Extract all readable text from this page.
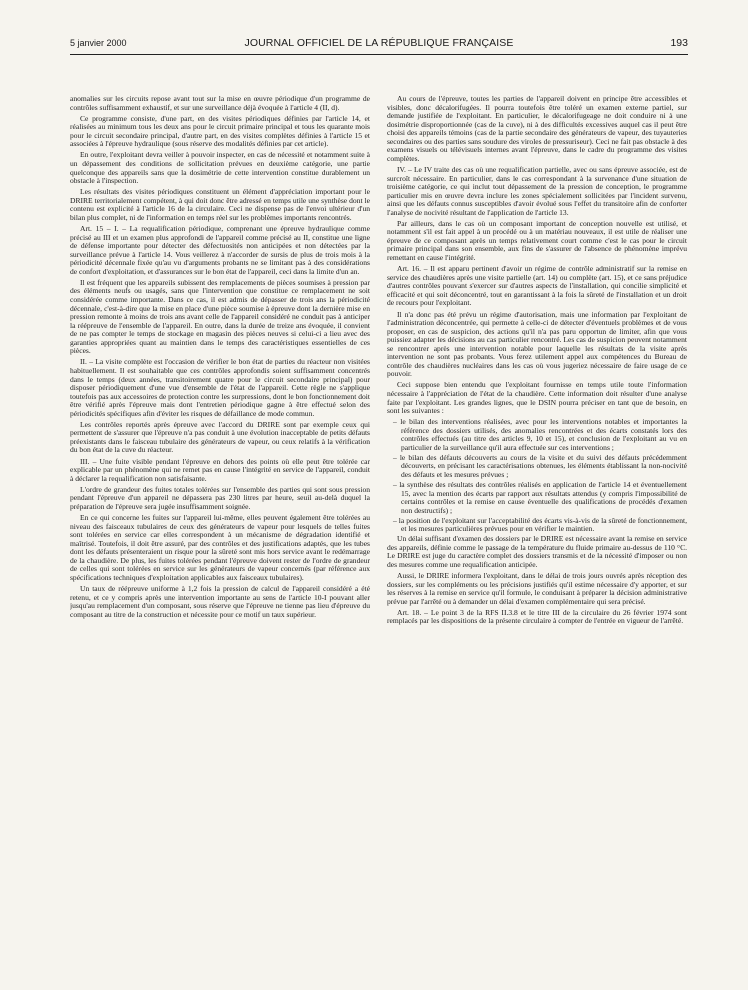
5 janvier 2000	JOURNAL OFFICIEL DE LA RÉPUBLIQUE FRANÇAISE	193

anomalies sur les circuits repose avant tout sur la mise en œuvre périodique d'un programme de contrôles suffisamment exhaustif, et sur une surveillance déjà évoquée à l'article 4 (II, d).

Ce programme consiste, d'une part, en des visites périodiques définies par l'article 14, et réalisées au minimum tous les deux ans pour le circuit primaire principal et tous les quarante mois pour le circuit secondaire principal, d'autre part, en des visites complètes définies à l'article 15 et associées à l'épreuve hydraulique (sous réserve des modalités définies par cet article).

En outre, l'exploitant devra veiller à pouvoir inspecter, en cas de nécessité et notamment suite à un dépassement des conditions de sollicitation prévues en deuxième catégorie, une partie quelconque des appareils sans que la dosimétrie de cette intervention constitue durablement un obstacle à l'inspection.

Les résultats des visites périodiques constituent un élément d'appréciation important pour le DRIRE territorialement compétent, à qui doit donc être adressé en temps utile une synthèse dont le contenu est explicité à l'article 16 de la circulaire. Ceci ne dispense pas de l'envoi ultérieur d'un bilan plus complet, ni de l'information en temps réel sur les problèmes importants rencontrés.

Art. 15 – I. – La requalification périodique, comprenant une épreuve hydraulique comme précisé au III et un examen plus approfondi de l'appareil comme précisé au II, constitue une ligne de défense importante pour détecter des défectuosités non anticipées et non détectées par la surveillance prévue à l'article 14. Vous veillerez à n'accorder de sursis de plus de trois mois à la périodicité décennale fixée qu'au vu d'arguments probants ne se limitant pas à des considérations de confort d'exploitation, et d'assurances sur le bon état de l'appareil, ceci dans la limite d'un an.

Il est fréquent que les appareils subissent des remplacements de pièces soumises à pression par des éléments neufs ou usagés, sans que l'intervention que constitue ce remplacement ne soit considérée comme importante. Dans ce cas, il est admis de dépasser de trois ans la périodicité décennale, c'est-à-dire que la mise en place d'une pièce soumise à épreuve dont la dernière mise en pression remonte à moins de trois ans avant celle de l'appareil considéré ne conduit pas à anticiper la réépreuve de l'ensemble de l'appareil. En outre, dans la durée de treize ans évoquée, il convient de ne pas compter le temps de stockage en magasin des pièces neuves si celui-ci a lieu avec des garanties appropriées quant au maintien dans le temps des caractéristiques essentielles de ces pièces.

II. – La visite complète est l'occasion de vérifier le bon état de parties du réacteur non visitées habituellement. Il est souhaitable que ces contrôles approfondis soient suffisamment concentrés dans le temps (deux années, transitoirement quatre pour le circuit secondaire principal) pour disposer périodiquement d'une vue d'ensemble de l'état de l'appareil. Cette règle ne s'applique toutefois pas aux accessoires de protection contre les surpressions, dont le bon fonctionnement doit être vérifié après l'épreuve mais dont l'entretien périodique gagne à être effectué selon des périodicités spécifiques afin d'éviter les risques de défaillance de mode commun.

Les contrôles reportés après épreuve avec l'accord du DRIRE sont par exemple ceux qui permettent de s'assurer que l'épreuve n'a pas conduit à une évolution inacceptable de petits défauts préexistants dans le faisceau tubulaire des générateurs de vapeur, ou ceux relatifs à la vérification du bon état de la cuve du réacteur.

III. – Une fuite visible pendant l'épreuve en dehors des points où elle peut être tolérée car explicable par un phénomène qui ne remet pas en cause l'intégrité en service de l'appareil, conduit à déclarer la requalification non satisfaisante.

L'ordre de grandeur des fuites totales tolérées sur l'ensemble des parties qui sont sous pression pendant l'épreuve d'un appareil ne dépassera pas 230 litres par heure, seuil au-delà duquel la préparation de l'épreuve sera jugée insuffisamment soignée.

En ce qui concerne les fuites sur l'appareil lui-même, elles peuvent également être tolérées au niveau des faisceaux tubulaires de ceux des générateurs de vapeur pour lesquels de telles fuites sont tolérées en service car elles correspondent à un mécanisme de dégradation identifié et maîtrisé. Toutefois, il doit être assuré, par des contrôles et des justifications adaptés, que les tubes dont les défauts présenteraient un risque pour la sûreté sont mis hors service avant le redémarrage de la chaudière. De plus, les fuites tolérées pendant l'épreuve doivent rester de l'ordre de grandeur de celles qui sont tolérées en service sur les générateurs de vapeur concernés (par référence aux spécifications techniques d'exploitation applicables aux faisceaux tubulaires).

Un taux de réépreuve uniforme à 1,2 fois la pression de calcul de l'appareil considéré a été retenu, et ce y compris après une intervention importante au sens de l'article 10-I pouvant aller jusqu'au remplacement d'un composant, sous réserve que l'épreuve ne tienne pas lieu d'épreuve du composant au titre de la construction et nécessite pour ce motif un taux supérieur.

Au cours de l'épreuve, toutes les parties de l'appareil doivent en principe être accessibles et visibles, donc décalorifugées. Il pourra toutefois être toléré un examen externe partiel, sur demande justifiée de l'exploitant. En particulier, le décalorifugeage ne doit conduire ni à une dosimétrie disproportionnée (cas de la cuve), ni à des difficultés excessives auquel cas il peut être choisi des appareils témoins (cas de la partie secondaire des générateurs de vapeur, des tuyauteries secondaires ou des parties sans soudure des viroles de pressuriseur). Ceci ne fait pas obstacle à des examens visuels ou télévisuels internes avant l'épreuve, dans le cadre du programme des visites complètes.

IV. – Le IV traite des cas où une requalification partielle, avec ou sans épreuve associée, est de surcroît nécessaire. En particulier, dans le cas correspondant à la survenance d'une situation de troisième catégorie, ce qui inclut tout dépassement de la pression de conception, le programme particulier mis en œuvre devra inclure les zones spécialement sollicitées par l'incident survenu, ainsi que les défauts connus susceptibles d'avoir évolué sous l'effet du transitoire afin de conforter l'analyse de nocivité résultant de l'application de l'article 13.

Par ailleurs, dans le cas où un composant important de conception nouvelle est utilisé, et notamment s'il est fait appel à un procédé ou à un matériau nouveaux, il est utile de réaliser une épreuve de ce composant après un temps relativement court comme c'est le cas pour le circuit primaire principal dans son ensemble, aux fins de s'assurer de l'absence de phénomène imprévu remettant en cause l'intégrité.

Art. 16. – Il est apparu pertinent d'avoir un régime de contrôle administratif sur la remise en service des chaudières après une visite partielle (art. 14) ou complète (art. 15), et ce sans préjudice d'autres contrôles pouvant s'exercer sur d'autres aspects de l'installation, qui concilie simplicité et efficacité et qui soit déconcentré, tout en garantissant à la fois la sûreté de l'installation et un droit de recours pour l'exploitant.

Il n'a donc pas été prévu un régime d'autorisation, mais une information par l'exploitant de l'administration déconcentrée, qui permette à celle-ci de détecter d'éventuels problèmes et de vous proposer, en cas de suspicion, des actions qu'il n'a pas paru opportun de limiter, afin que vous puissiez adapter les décisions au cas particulier rencontré. Les cas de suspicion peuvent notamment se rencontrer après une intervention notable pour laquelle les résultats de la visite après intervention ne sont pas probants. Vous ferez utilement appel aux compétences du Bureau de contrôle des chaudières nucléaires dans les cas où vous jugeriez nécessaire de faire usage de ce pouvoir.

Ceci suppose bien entendu que l'exploitant fournisse en temps utile toute l'information nécessaire à l'appréciation de l'état de la chaudière. Cette information doit résulter d'une analyse faite par l'exploitant. Les grandes lignes, que le DSIN pourra préciser en tant que de besoin, en sont les suivantes :

– le bilan des interventions réalisées, avec pour les interventions notables et importantes la référence des dossiers utilisés, des anomalies rencontrées et des écarts constatés lors des contrôles effectués (au titre des articles 9, 10 et 15), et conclusion de l'exploitant au vu en particulier de la surveillance qu'il aura effectuée sur ces interventions ;

– le bilan des défauts découverts au cours de la visite et du suivi des défauts précédemment découverts, en précisant les caractérisations obtenues, les éléments établissant la non-nocivité des défauts et les mesures prévues ;

– la synthèse des résultats des contrôles réalisés en application de l'article 14 et éventuellement 15, avec la mention des écarts par rapport aux résultats attendus (y compris l'impossibilité de certains contrôles et la remise en cause éventuelle des qualifications de procédés d'examen non destructifs) ;

– la position de l'exploitant sur l'acceptabilité des écarts vis-à-vis de la sûreté de fonctionnement, et les mesures particulières prévues pour en vérifier le maintien.

Un délai suffisant d'examen des dossiers par le DRIRE est nécessaire avant la remise en service des appareils, définie comme le passage de la température du fluide primaire au-dessus de 110 °C. Le DRIRE est juge du caractère complet des dossiers transmis et de la nécessité d'imposer ou non des mesures comme une requalification anticipée.

Aussi, le DRIRE informera l'exploitant, dans le délai de trois jours ouvrés après réception des dossiers, sur les compléments ou les précisions justifiés qu'il estime nécessaire d'y apporter, et sur les réserves à la remise en service qu'il formule, le conduisant à préparer la décision administrative prévue par l'arrêté ou à demander un délai d'examen complémentaire qui sera précisé.

Art. 18. – Le point 3 de la RFS II.3.8 et le titre III de la circulaire du 26 février 1974 sont remplacés par les dispositions de la présente circulaire à compter de l'entrée en vigueur de l'arrêté.
